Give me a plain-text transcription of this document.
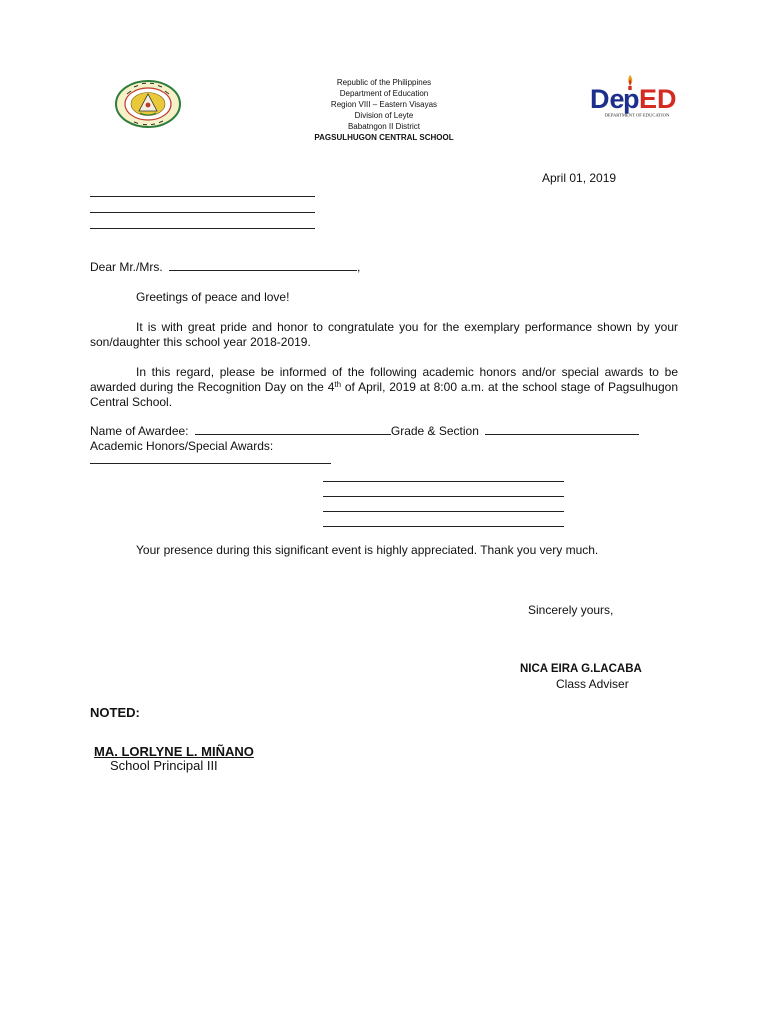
Republic of the Philippines
Department of Education
Region VIII – Eastern Visayas
Division of Leyte
Babatngon II District
PAGSULHUGON CENTRAL SCHOOL
De
p ED
DEPARTMENT OF EDUCATION
April 01, 2019
Dear Mr./Mrs.	,
Greetings of peace and love!
It is with great pride and honor to congratulate you for the exemplary performance shown by your son/daughter this school year 2018-2019.
In this regard, please be informed of the following academic honors and/or special awards to be awarded during the Recognition Day on the 4th of April, 2019 at 8:00 a.m. at the school stage of Pagsulhugon Central School.
Name of Awardee:	Grade & Section
Academic Honors/Special Awards:
Your presence during this significant event is highly appreciated. Thank you very much.
Sincerely yours,
NICA EIRA G.LACABA
Class Adviser
NOTED:
MA. LORLYNE L. MIÑANO
School Principal III
